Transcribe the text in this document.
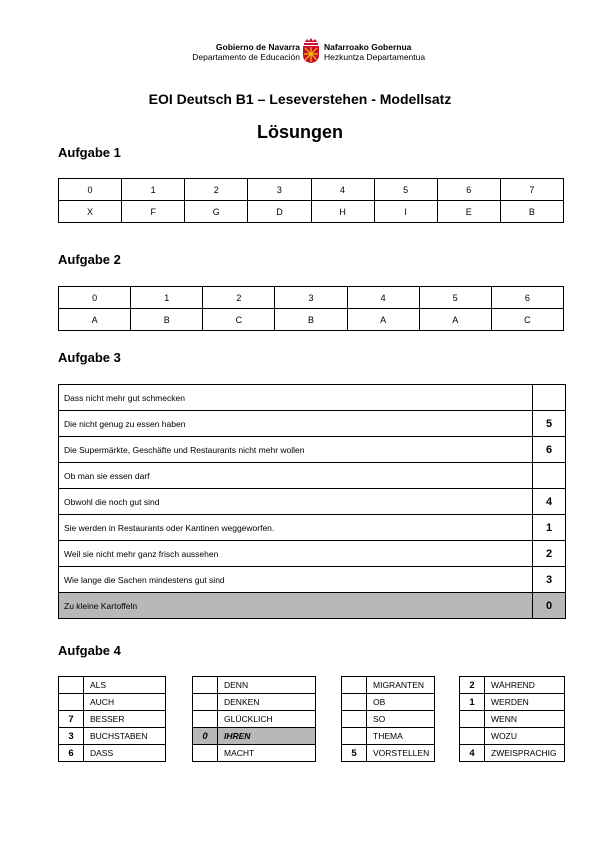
Gobierno de Navarra
Departamento de Educación
Nafarroako Gobernua
Hezkuntza Departamentua
EOI Deutsch B1 – Leseverstehen - Modellsatz
Lösungen
Aufgabe 1
0	1	2	3	4	5	6	7
X	F	G	D	H	I	E	B
Aufgabe 2
0	1	2	3	4	5	6
A	B	C	B	A	A	C
Aufgabe 3
Dass nicht mehr gut schmecken	
Die nicht genug zu essen haben	5
Die Supermärkte, Geschäfte und Restaurants nicht mehr wollen	6
Ob man sie essen darf	
Obwohl die noch gut sind	4
Sie werden in Restaurants oder Kantinen weggeworfen.	1
Weil sie nicht mehr ganz frisch aussehen	2
Wie lange die Sachen mindestens gut sind	3
Zu kleine Kartoffeln	0
Aufgabe 4
	ALS
	AUCH
7	BESSER
3	BUCHSTABEN
6	DASS
	DENN
	DENKEN
	GLÜCKLICH
0	IHREN
	MACHT
	MIGRANTEN
	OB
	SO
	THEMA
5	VORSTELLEN
2	WÄHREND
1	WERDEN
	WENN
	WOZU
4	ZWEISPRACHIG
